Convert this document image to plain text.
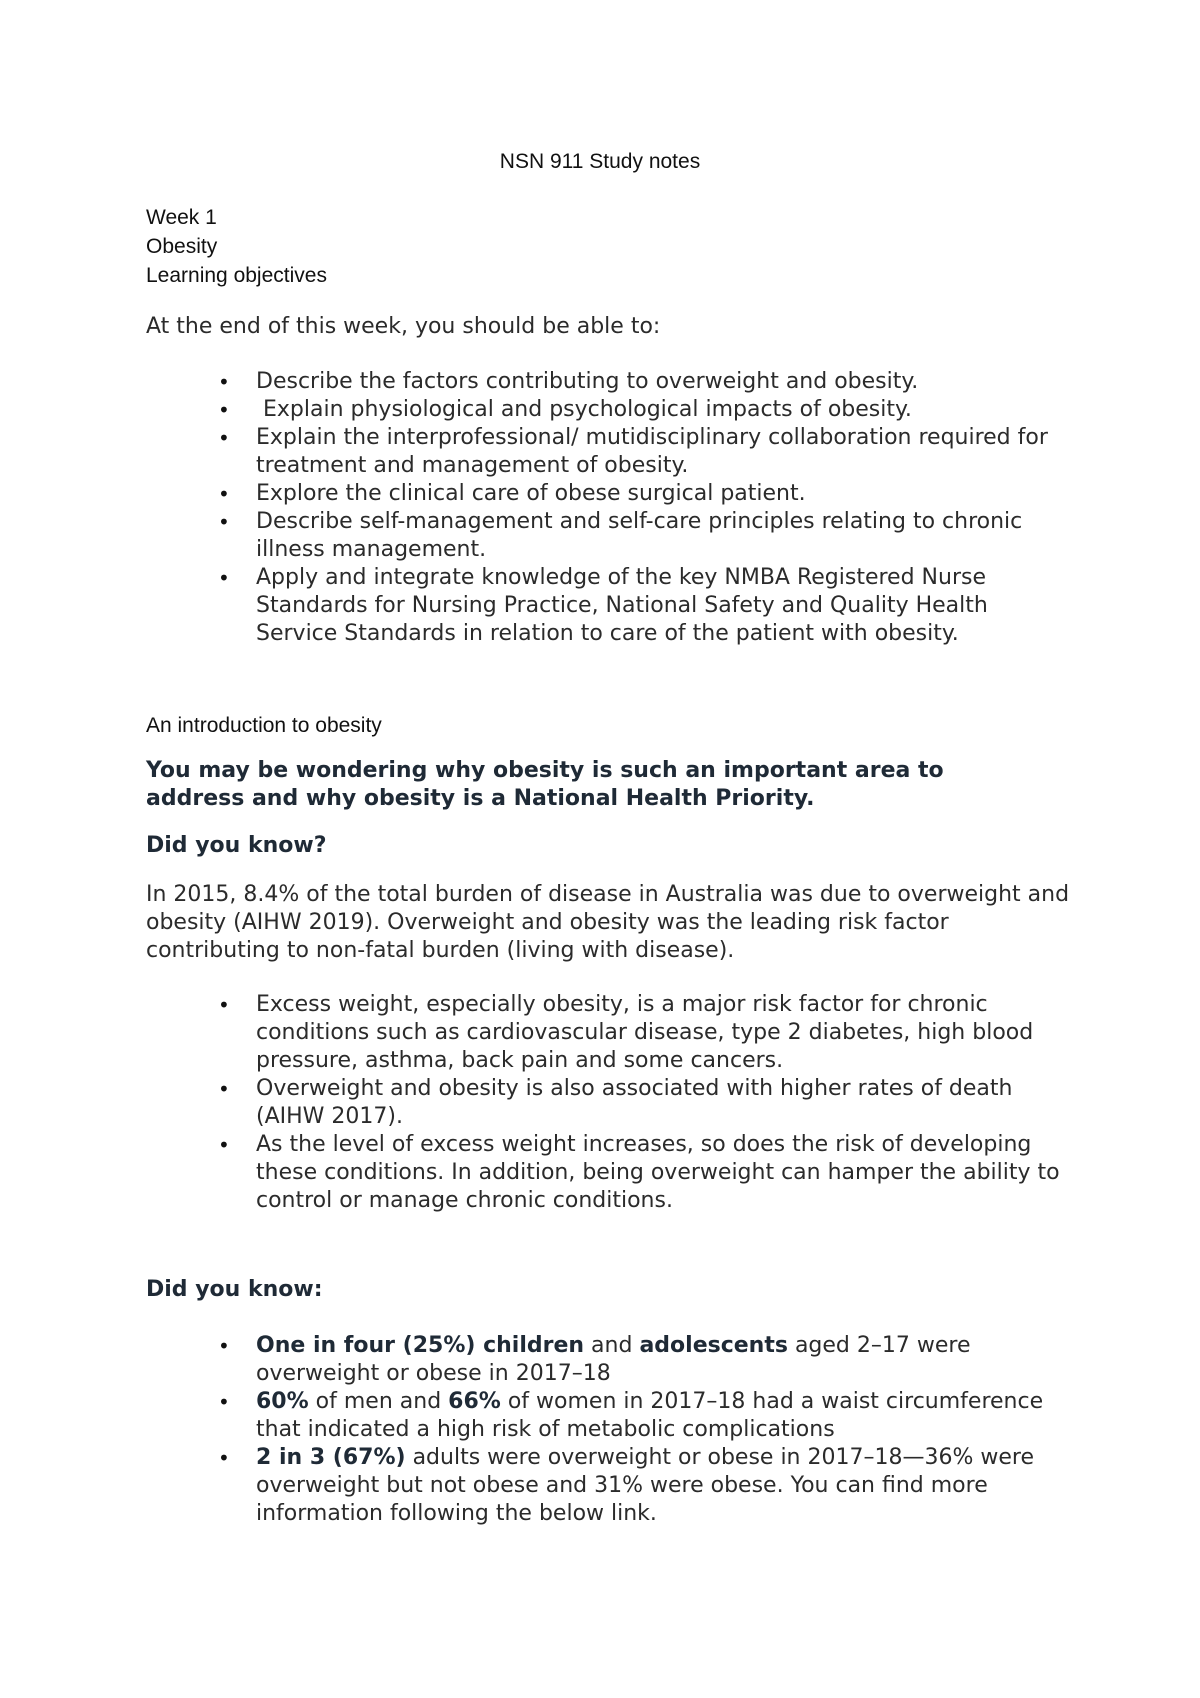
NSN 911 Study notes
Week 1
Obesity
Learning objectives
At the end of this week, you should be able to:
• Describe the factors contributing to overweight and obesity.
• Explain physiological and psychological impacts of obesity.
• Explain the interprofessional/ mutidisciplinary collaboration required for treatment and management of obesity.
• Explore the clinical care of obese surgical patient.
• Describe self-management and self-care principles relating to chronic illness management.
• Apply and integrate knowledge of the key NMBA Registered Nurse Standards for Nursing Practice, National Safety and Quality Health Service Standards in relation to care of the patient with obesity.
An introduction to obesity
You may be wondering why obesity is such an important area to address and why obesity is a National Health Priority.
Did you know?
In 2015, 8.4% of the total burden of disease in Australia was due to overweight and obesity (AIHW 2019). Overweight and obesity was the leading risk factor contributing to non-fatal burden (living with disease).
• Excess weight, especially obesity, is a major risk factor for chronic conditions such as cardiovascular disease, type 2 diabetes, high blood pressure, asthma, back pain and some cancers.
• Overweight and obesity is also associated with higher rates of death (AIHW 2017).
• As the level of excess weight increases, so does the risk of developing these conditions. In addition, being overweight can hamper the ability to control or manage chronic conditions.
Did you know:
• One in four (25%) children and adolescents aged 2–17 were overweight or obese in 2017–18
• 60% of men and 66% of women in 2017–18 had a waist circumference that indicated a high risk of metabolic complications
• 2 in 3 (67%) adults were overweight or obese in 2017–18—36% were overweight but not obese and 31% were obese. You can find more information following the below link.
